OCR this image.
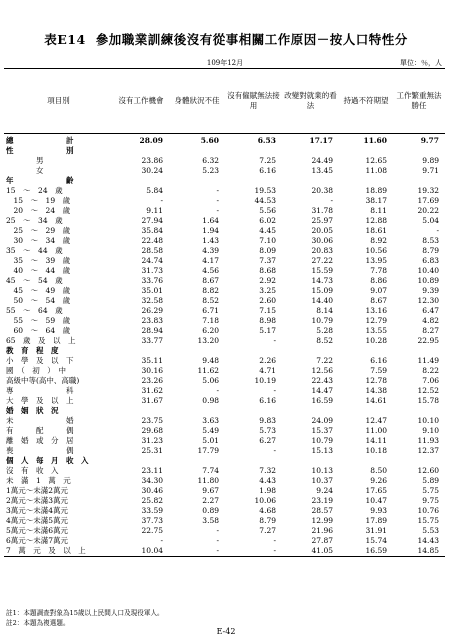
表E14 參加職業訓練後沒有從事相關工作原因－按人口特性分
109年12月	單位：％，人
項目別	沒有工作機會	身體狀況不佳	沒有僱賦無法接用	改變對就業的看法	持過不符期望	工作繁重無法勝任
總　　　　　　　計	28.09	5.60	6.53	17.17	11.60	9.77
性　　　　　　　別						
　　　　男	23.86	6.32	7.25	24.49	12.65	9.89
　　　　女	30.24	5.23	6.16	13.45	11.08	9.71
年　　　　　　　齡						
15　～　24　歲	5.84	-	19.53	20.38	18.89	19.32
　15　～　19　歲	-	-	44.53	-	38.17	17.69
　20　～　24　歲	9.11	-	5.56	31.78	8.11	20.22
25　～　34　歲	27.94	1.64	6.02	25.97	12.88	5.04
　25　～　29　歲	35.84	1.94	4.45	20.05	18.61	-
　30　～　34　歲	22.48	1.43	7.10	30.06	8.92	8.53
35　～　44　歲	28.58	4.39	8.09	20.83	10.56	8.79
　35　～　39　歲	24.74	4.17	7.37	27.22	13.95	6.83
　40　～　44　歲	31.73	4.56	8.68	15.59	7.78	10.40
45　～　54　歲	33.76	8.67	2.92	14.73	8.86	10.89
　45　～　49　歲	35.01	8.82	3.25	15.09	9.07	9.39
　50　～　54　歲	32.58	8.52	2.60	14.40	8.67	12.30
55　～　64　歲	26.29	6.71	7.15	8.14	13.16	6.47
　55　～　59　歲	23.83	7.18	8.98	10.79	12.79	4.82
　60　～　64　歲	28.94	6.20	5.17	5.28	13.55	8.27
65　歲　及　以　上	33.77	13.20	-	8.52	10.28	22.95
教　育　程　度						
小　學　及　以　下	35.11	9.48	2.26	7.22	6.16	11.49
國　（　初　）　中	30.16	11.62	4.71	12.56	7.59	8.22
高級中等(高中、高職)	23.26	5.06	10.19	22.43	12.78	7.06
專　　　　　　　科	31.62	-	-	14.47	14.38	12.52
大　學　及　以　上	31.67	0.98	6.16	16.59	14.61	15.78
婚　姻　狀　況						
未　　　　　　　婚	23.75	3.63	9.83	24.09	12.47	10.10
有　　　配　　　偶	29.68	5.49	5.73	15.37	11.00	9.10
離　婚　或　分　居	31.23	5.01	6.27	10.79	14.11	11.93
喪　　　　　　　偶	25.31	17.79	-	15.13	10.18	12.37
個　人　每　月　收　入						
沒　有　收　入	23.11	7.74	7.32	10.13	8.50	12.60
未　滿　1　萬　元	34.30	11.80	4.43	10.37	9.26	5.89
1萬元～未滿2萬元	30.46	9.67	1.98	9.24	17.65	5.75
2萬元～未滿3萬元	25.82	2.27	10.06	23.19	10.47	9.75
3萬元～未滿4萬元	33.59	0.89	4.68	28.57	9.93	10.76
4萬元～未滿5萬元	37.73	3.58	8.79	12.99	17.89	15.75
5萬元～未滿6萬元	22.75	-	7.27	21.96	31.91	5.53
6萬元～未滿7萬元	-	-	-	27.87	15.74	14.43
7　萬　元　及　以　上	10.04	-	-	41.05	16.59	14.85
註1：本題調查對象為15歲以上民間人口及現役軍人。
註2：本題為複選題。
E-42
